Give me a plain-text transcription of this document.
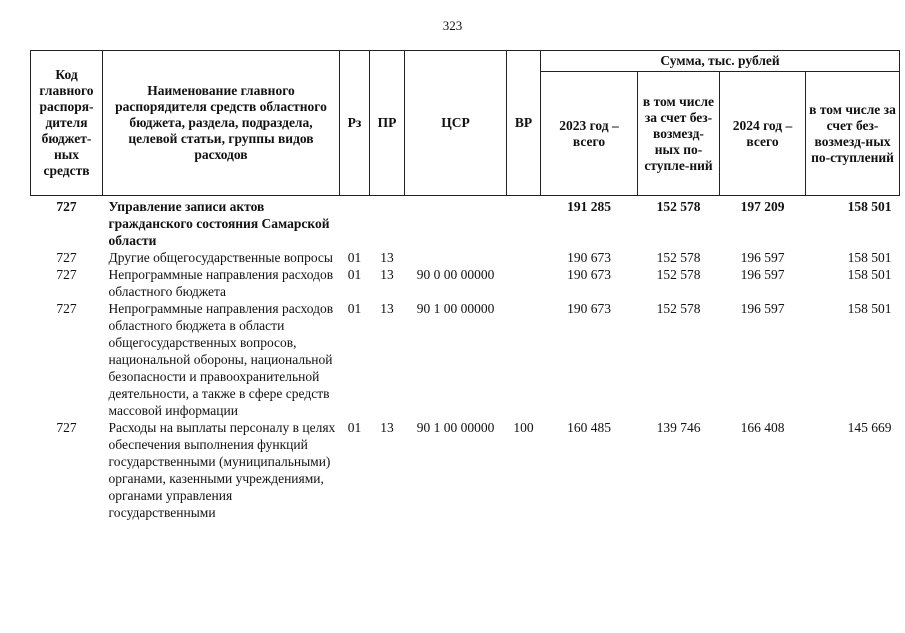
323
Код главного распоря-дителя бюджет-ных средств	Наименование главного распорядителя средств областного бюджета, раздела, подраздела, целевой статьи, группы видов расходов	Рз	ПР	ЦСР	ВР	Сумма, тыс. рублей			
						2023 год – всего	в том числе за счет без-возмезд-ных по-ступле-ний	2024 год – всего	в том числе за счет без-возмезд-ных по-ступлений
727	Управление записи актов гражданского состояния Самарской области					191 285	152 578	197 209	158 501
727	Другие общегосударственные вопросы	01	13			190 673	152 578	196 597	158 501
727	Непрограммные направления расходов областного бюджета	01	13	90 0 00 00000		190 673	152 578	196 597	158 501
727	Непрограммные направления расходов областного бюджета в области общегосударственных вопросов, национальной обороны, национальной безопасности и правоохранительной деятельности, а также в сфере средств массовой информации	01	13	90 1 00 00000		190 673	152 578	196 597	158 501
727	Расходы на выплаты персоналу в целях обеспечения выполнения функций государственными (муниципальными) органами, казенными учреждениями, органами управления государственными	01	13	90 1 00 00000	100	160 485	139 746	166 408	145 669
